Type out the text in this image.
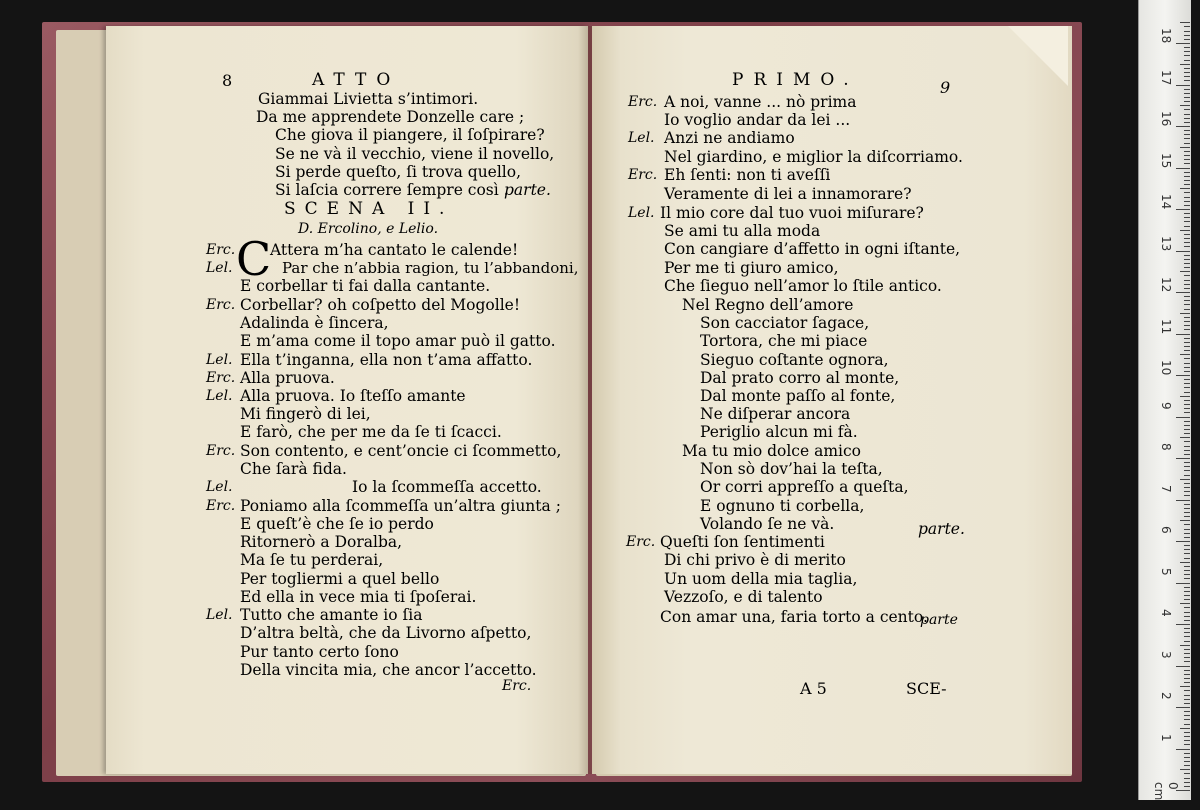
8	ATTO
Giammai Livietta s’intimori.
Da me apprendete Donzelle care ;
Che giova il piangere, il ſoſpirare?
Se ne và il vecchio, viene il novello,
Si perde queſto, ſi trova quello,
Si laſcia correre ſempre così .
parte.
SCENA II.
D. Ercolino, e Lelio.
C
Erc. Attera m’ha cantato le calende!
Lel.	Par che n’abbia ragion, tu l’abbandoni,
E corbellar ti fai dalla cantante.
Erc. Corbellar? oh coſpetto del Mogolle!
Adalinda è ſincera,
E m’ama come il topo amar può il gatto.
Lel. Ella t’inganna, ella non t’ama affatto.
Erc. Alla pruova.
Lel. Alla pruova. Io ſteſſo amante
Mi fingerò di lei,
E farò, che per me da ſe ti ſcacci.
Erc. Son contento, e cent’oncie ci ſcommetto,
Che ſarà fida.
Lel.	Io la ſcommeſſa accetto.
Erc. Poniamo alla ſcommeſſa un’altra giunta ;
E queſt’è che ſe io perdo
Ritornerò a Doralba,
Ma ſe tu perderai,
Per togliermi a quel bello
Ed ella in vece mia ti ſpoſerai.
Lel. Tutto che amante io ſia
D’altra beltà, che da Livorno aſpetto,
Pur tanto certo ſono
Della vincita mia, che ancor l’accetto.
Erc.
PRIMO.	9
Erc. A noi, vanne ... nò prima
Io voglio andar da lei ...
Lel. Anzi ne andiamo
Nel giardino, e miglior la diſcorriamo.
Erc. Eh ſenti: non ti aveſſi
Veramente di lei a innamorare?
Lel. Il mio core dal tuo vuoi miſurare?
Se ami tu alla moda
Con cangiare d’affetto in ogni iſtante,
Per me ti giuro amico,
Che ſieguo nell’amor lo ſtile antico.
Nel Regno dell’amore
Son cacciator ſagace,
Tortora, che mi piace
Sieguo coſtante ognora,
Dal prato corro al monte,
Dal monte paſſo al fonte,
Ne diſperar ancora
Periglio alcun mi fà.
Ma tu mio dolce amico
Non sò dov’hai la teſta,
Or corri appreſſo a queſta,
E ognuno ti corbella,
Volando ſe ne và.	parte.
Erc. Queſti ſon ſentimenti
Di chi privo è di merito
Un uom della mia taglia,
Vezzoſo, e di talento
Con amar una, faria torto a cento.
parte
A 5	SCE-
0 cm
1
2
3
4
5
6
7
8
9
10
11
12
13
14
15
16
17
18
